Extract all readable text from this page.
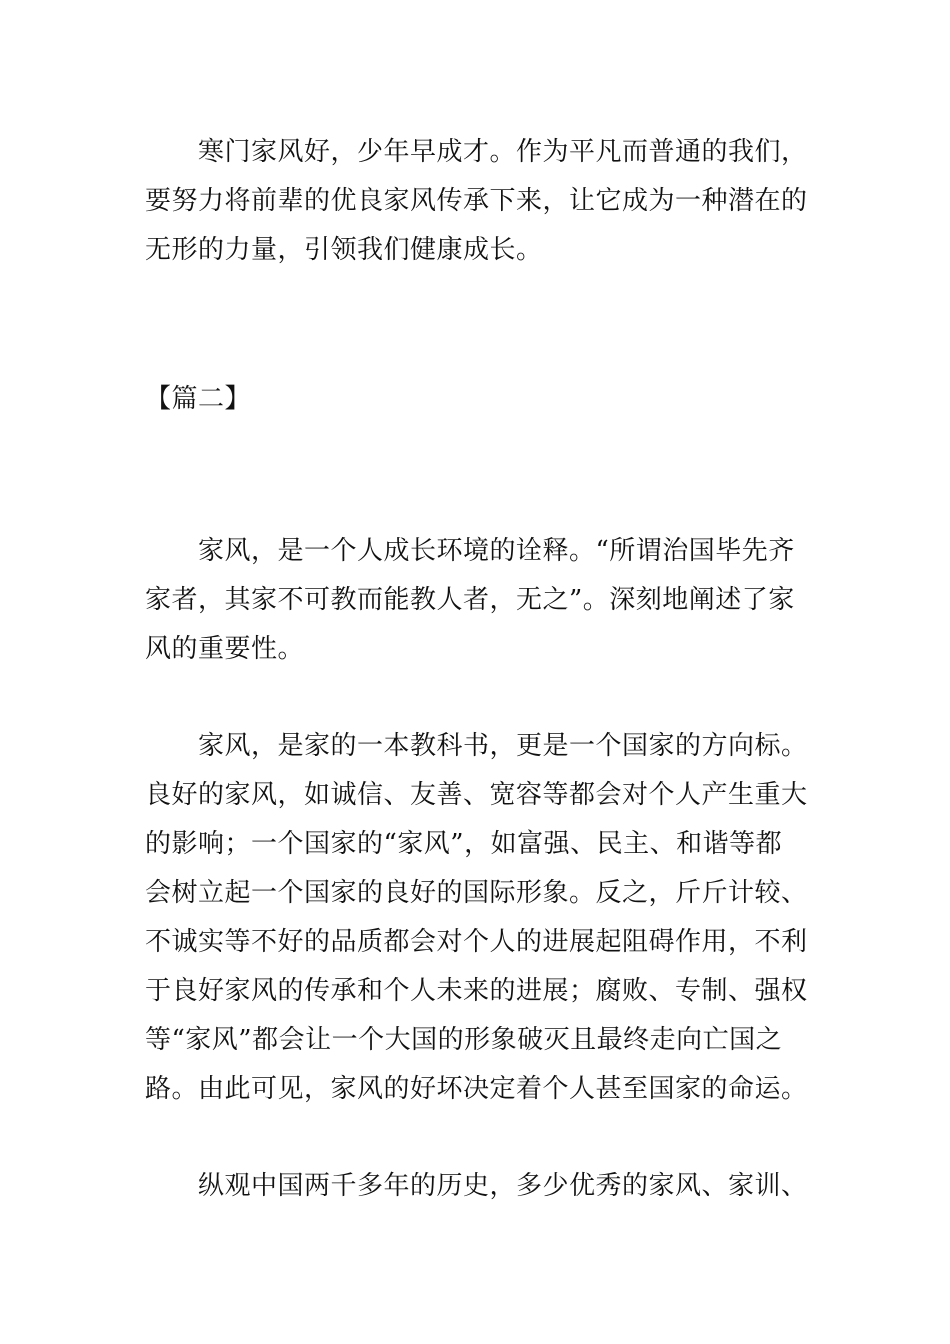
　　寒门家风好，少年早成才。作为平凡而普通的我们，
要努力将前辈的优良家风传承下来，让它成为一种潜在的
无形的力量，引领我们健康成长。

【篇二】

　　家风，是一个人成长环境的诠释。“所谓治国毕先齐
家者，其家不可教而能教人者，无之”。深刻地阐述了家
风的重要性。

　　家风，是家的一本教科书，更是一个国家的方向标。
良好的家风，如诚信、友善、宽容等都会对个人产生重大
的影响；一个国家的“家风”，如富强、民主、和谐等都
会树立起一个国家的良好的国际形象。反之，斤斤计较、
不诚实等不好的品质都会对个人的进展起阻碍作用，不利
于良好家风的传承和个人未来的进展；腐败、专制、强权
等“家风”都会让一个大国的形象破灭且最终走向亡国之
路。由此可见，家风的好坏决定着个人甚至国家的命运。

　　纵观中国两千多年的历史，多少优秀的家风、家训、
